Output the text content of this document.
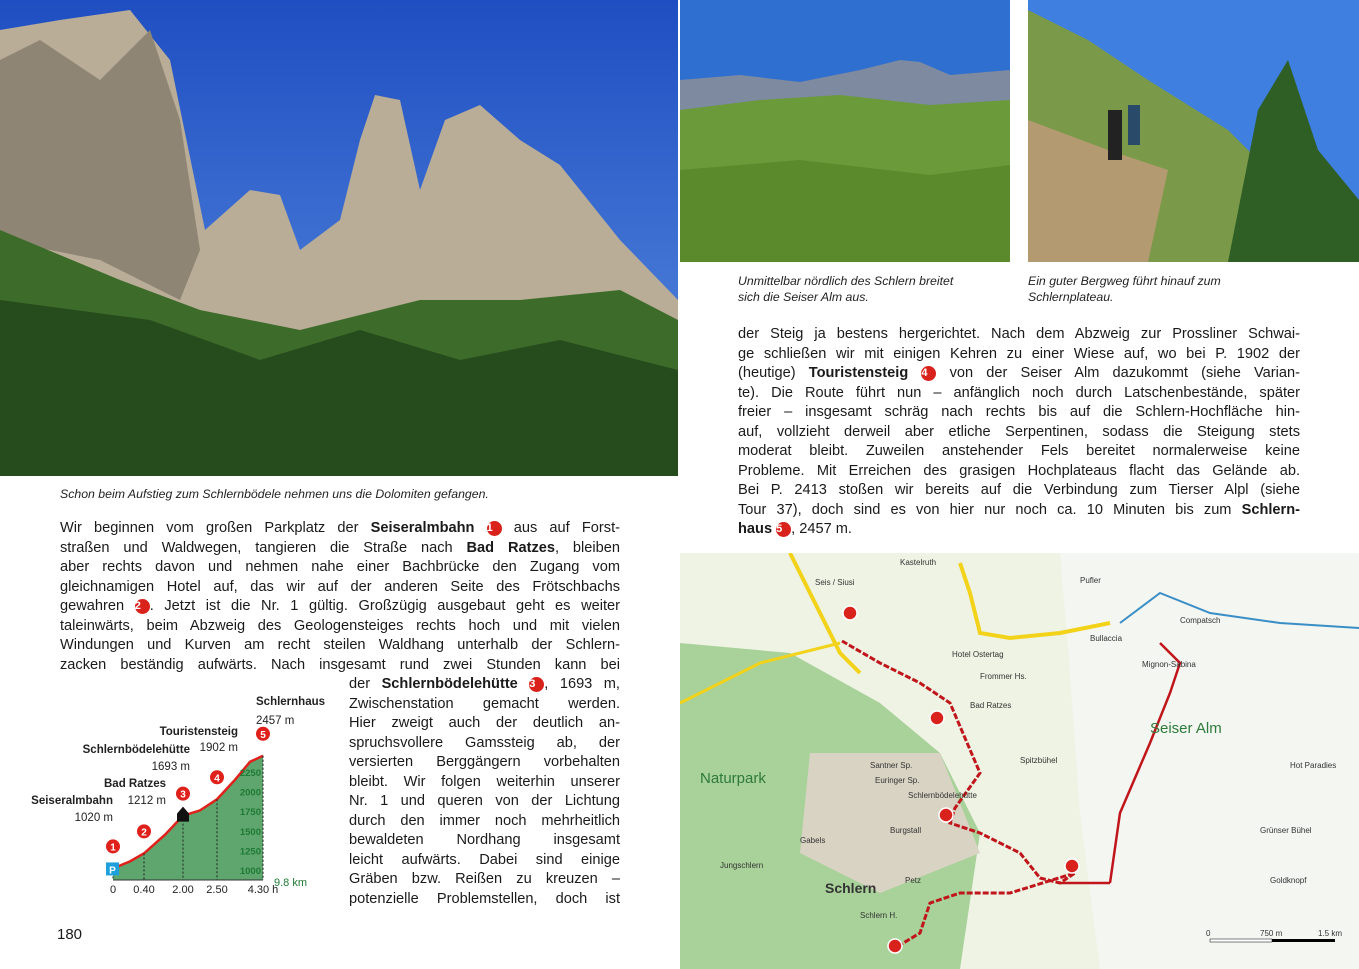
Schon beim Aufstieg zum Schlernbödele nehmen uns die Dolomiten gefangen.
Unmittelbar nördlich des Schlern breitet
sich die Seiser Alm aus.
Ein guter Bergweg führt hinauf zum
Schlernplateau.
Wir beginnen vom großen Parkplatz der Seiseralmbahn 1 aus auf Forst-
straßen und Waldwegen, tangieren die Straße nach Bad Ratzes, bleiben
aber rechts davon und nehmen nahe einer Bachbrücke den Zugang vom
gleichnamigen Hotel auf, das wir auf der anderen Seite des Frötschbachs
gewahren 2 . Jetzt ist die Nr. 1 gültig. Großzügig ausgebaut geht es weiter
taleinwärts, beim Abzweig des Geologensteiges rechts hoch und mit vielen
Windungen und Kurven am recht steilen Waldhang unterhalb der Schlern-
zacken beständig aufwärts. Nach insgesamt rund zwei Stunden kann bei
der Schlernbödelehütte 3 , 1693 m,
Zwischenstation gemacht werden.
Hier zweigt auch der deutlich an-
spruchsvollere Gamssteig ab, der
versierten Berggängern vorbehalten
bleibt. Wir folgen weiterhin unserer
Nr. 1 und queren von der Lichtung
durch den immer noch mehrheitlich
bewaldeten Nordhang insgesamt
leicht aufwärts. Dabei sind einige
Gräben bzw. Reißen zu kreuzen –
potenzielle Problemstellen, doch ist
der Steig ja bestens hergerichtet. Nach dem Abzweig zur Prossliner Schwai-
ge schließen wir mit einigen Kehren zu einer Wiese auf, wo bei P. 1902 der
(heutige) Touristensteig 4 von der Seiser Alm dazukommt (siehe Varian-
te). Die Route führt nun – anfänglich noch durch Latschenbestände, später
freier – insgesamt schräg nach rechts bis auf die Schlern-Hochfläche hin-
auf, vollzieht derweil aber etliche Serpentinen, sodass die Steigung stets
moderat bleibt. Zuweilen anstehender Fels bereitet normalerweise keine
Probleme. Mit Erreichen des grasigen Hochplateaus flacht das Gelände ab.
Bei P. 2413 stoßen wir bereits auf die Verbindung zum Tierser Alpl (siehe
Tour 37), doch sind es von hier nur noch ca. 10 Minuten bis zum Schlern-
haus 5 , 2457 m.
1
0
2
0.40
3
2.00
4
2.50
5
4.30 h
Seiseralmbahn
1020 m
Bad Ratzes
1212 m
Schlernbödelehütte
1693 m
Touristensteig
1902 m
Schlernhaus
2457 m
P	1000
1250
1500
1750
2000
2250
9.8 km
Seis / Siusi
Kastelruth
Pufler
Compatsch
Bad Ratzes
Santner Sp.
Euringer Sp.
Schlernbödelehütte
Burgstall
Gabels
Jungschlern
Schlern	Petz
Schlern H.
Spitzbühel
Goldknopf
Naturpark
Seiser Alm
Hot Paradies
Grünser Bühel
Frommer Hs.
Bullaccia
Hotel Ostertag
Mignon-Sabina
0	750 m	1.5 km
180
